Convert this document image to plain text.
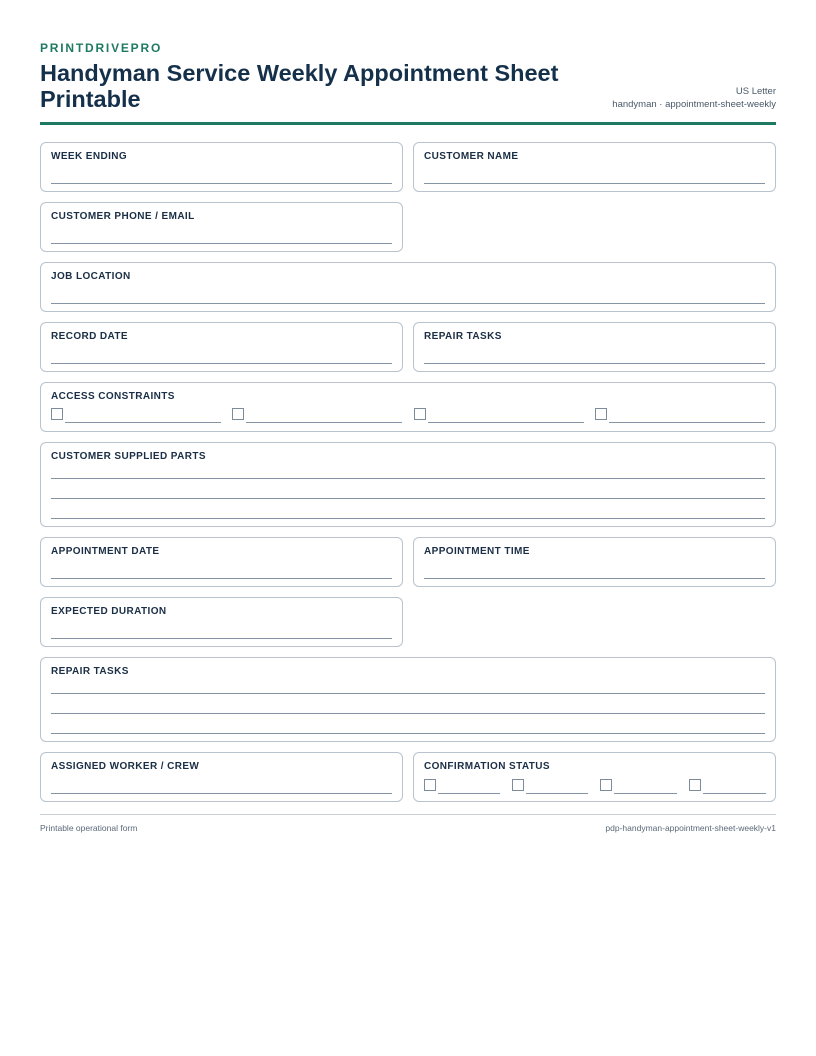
PRINTDRIVEPRO
Handyman Service Weekly Appointment Sheet Printable	US Letter
handyman · appointment-sheet-weekly
WEEK ENDING	CUSTOMER NAME
CUSTOMER PHONE / EMAIL
JOB LOCATION
RECORD DATE	REPAIR TASKS
ACCESS CONSTRAINTS
CUSTOMER SUPPLIED PARTS
APPOINTMENT DATE	APPOINTMENT TIME
EXPECTED DURATION
REPAIR TASKS
ASSIGNED WORKER / CREW	CONFIRMATION STATUS
Printable operational form	pdp-handyman-appointment-sheet-weekly-v1
